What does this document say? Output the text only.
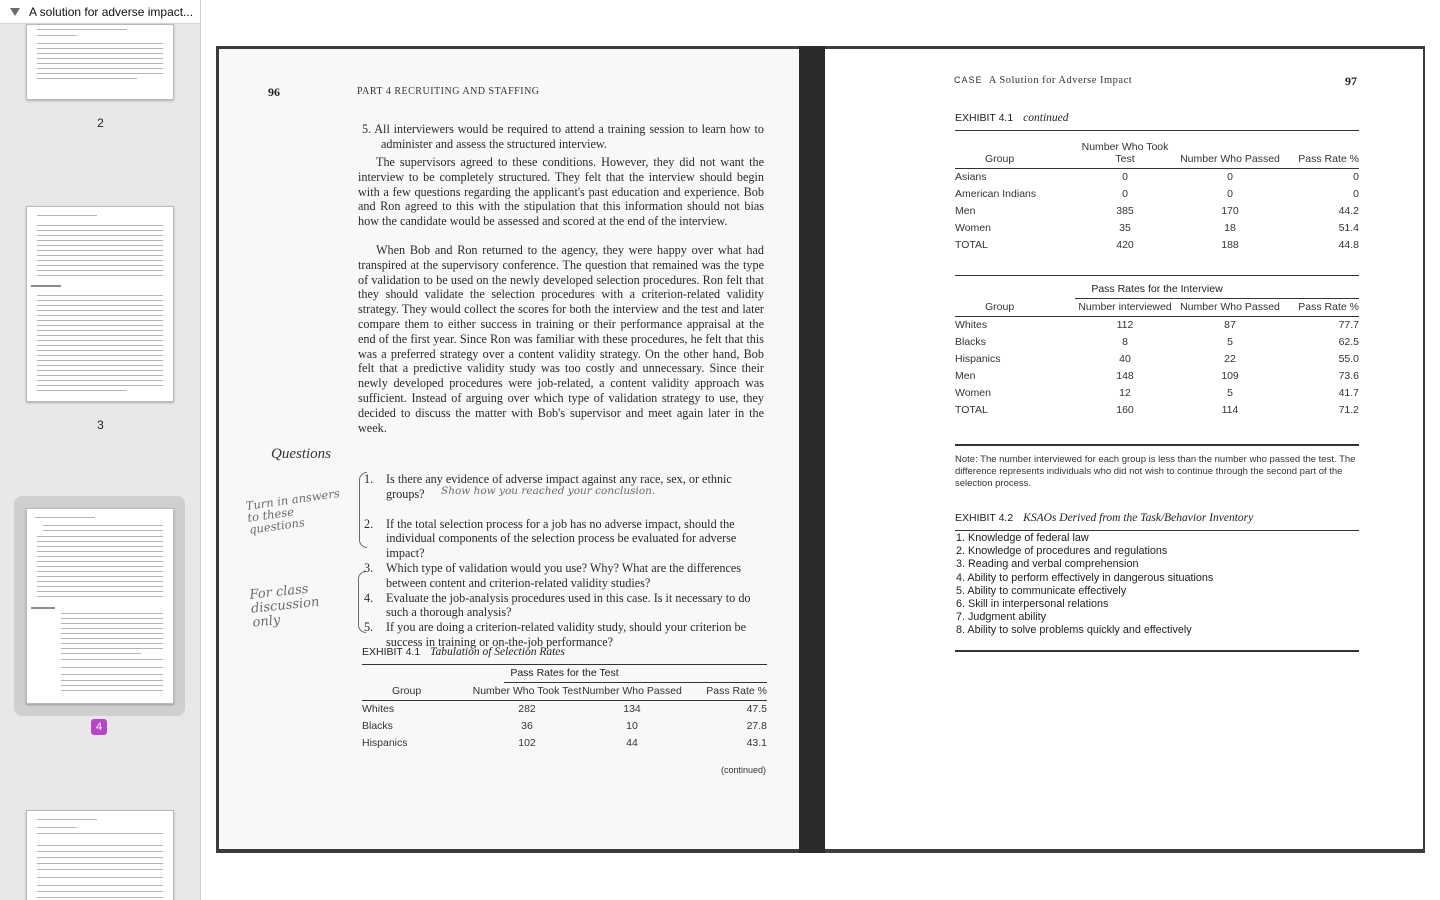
A solution for adverse impact...
2
3
4
96	PART 4 RECRUITING AND STAFFING
5. All interviewers would be required to attend a training session to learn how to administer and assess the structured interview.
The supervisors agreed to these conditions. However, they did not want the interview to be completely structured. They felt that the interview should begin with a few questions regarding the applicant's past education and experience. Bob and Ron agreed to this with the stipulation that this information should not bias how the candidate would be assessed and scored at the end of the interview.
When Bob and Ron returned to the agency, they were happy over what had transpired at the supervisory conference. The question that remained was the type of validation to be used on the newly developed selection procedures. Ron felt that they should validate the selection procedures with a criterion-related validity strategy. They would collect the scores for both the interview and the test and later compare them to either success in training or their performance appraisal at the end of the first year. Since Ron was familiar with these procedures, he felt that this was a preferred strategy over a content validity strategy. On the other hand, Bob felt that a predictive validity study was too costly and unnecessary. Since their newly developed procedures were job-related, a content validity approach was sufficient. Instead of arguing over which type of validation strategy to use, they decided to discuss the matter with Bob's supervisor and meet again later in the week.
Questions
Turn in answers to these questions
For class discussion only
Show how you reached your conclusion.
1. Is there any evidence of adverse impact against any race, sex, or ethnic groups?
2. If the total selection process for a job has no adverse impact, should the individual components of the selection process be evaluated for adverse impact?
3. Which type of validation would you use? Why? What are the differences between content and criterion-related validity studies?
4. Evaluate the job-analysis procedures used in this case. Is it necessary to do such a thorough analysis?
5. If you are doing a criterion-related validity study, should your criterion be success in training or on-the-job performance?
EXHIBIT 4.1 Tabulation of Selection Rates
Pass Rates for the Test
Group	Number Who Took Test	Number Who Passed	Pass Rate %
Whites	282	134	47.5
Blacks	36	10	27.8
Hispanics	102	44	43.1
(continued)
CASE A Solution for Adverse Impact	97
EXHIBIT 4.1 continued
Group	Number Who Took Test	Number Who Passed	Pass Rate %
Asians	0	0	0
American Indians	0	0	0
Men	385	170	44.2
Women	35	18	51.4
TOTAL	420	188	44.8
Pass Rates for the Interview
Group	Number interviewed	Number Who Passed	Pass Rate %
Whites	112	87	77.7
Blacks	8	5	62.5
Hispanics	40	22	55.0
Men	148	109	73.6
Women	12	5	41.7
TOTAL	160	114	71.2
Note: The number interviewed for each group is less than the number who passed the test. The difference represents individuals who did not wish to continue through the second part of the selection process.
EXHIBIT 4.2 KSAOs Derived from the Task/Behavior Inventory
1. Knowledge of federal law
2. Knowledge of procedures and regulations
3. Reading and verbal comprehension
4. Ability to perform effectively in dangerous situations
5. Ability to communicate effectively
6. Skill in interpersonal relations
7. Judgment ability
8. Ability to solve problems quickly and effectively
